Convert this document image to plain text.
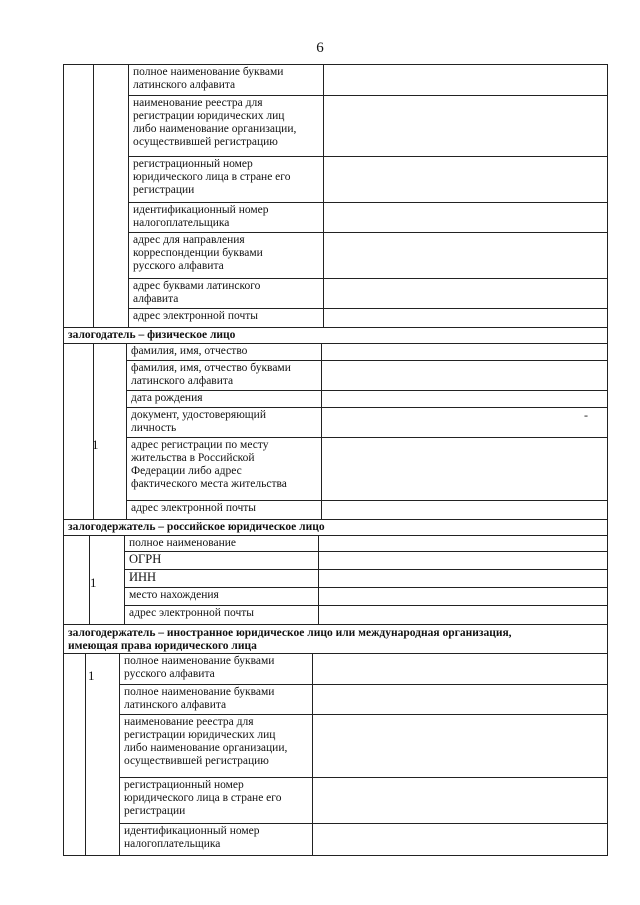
6
полное наименование буквами
латинского алфавита
наименование реестра для
регистрации юридических лиц
либо наименование организации,
осуществившей регистрацию
регистрационный номер
юридического лица в стране его
регистрации
идентификационный номер
налогоплательщика
адрес для направления
корреспонденции буквами
русского алфавита
адрес буквами латинского
алфавита
адрес электронной почты
залогодатель – физическое лицо
1
-
фамилия, имя, отчество
фамилия, имя, отчество буквами
латинского алфавита
дата рождения
документ, удостоверяющий
личность
адрес регистрации по месту
жительства в Российской
Федерации либо адрес
фактического места жительства
адрес электронной почты
залогодержатель – российское юридическое лицо
1
полное наименование
ОГРН
ИНН
место нахождения
адрес электронной почты
залогодержатель – иностранное юридическое лицо или международная организация,
имеющая права юридического лица
1
полное наименование буквами
русского алфавита
полное наименование буквами
латинского алфавита
наименование реестра для
регистрации юридических лиц
либо наименование организации,
осуществившей регистрацию
регистрационный номер
юридического лица в стране его
регистрации
идентификационный номер
налогоплательщика
